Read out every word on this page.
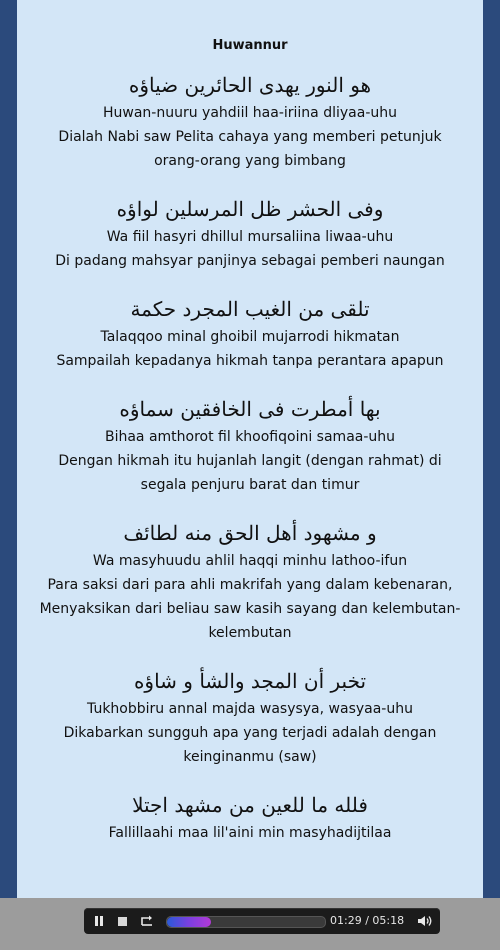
Huwannur
هو النور يهدى الحائرين ضياؤه
Huwan-nuuru yahdiil haa-iriina dliyaa-uhu
Dialah Nabi saw Pelita cahaya yang memberi petunjuk orang-orang yang bimbang
وفى الحشر ظل المرسلين لواؤه
Wa fiil hasyri dhillul mursaliina liwaa-uhu
Di padang mahsyar panjinya sebagai pemberi naungan
تلقى من الغيب المجرد حكمة
Talaqqoo minal ghoibil mujarrodi hikmatan
Sampailah kepadanya hikmah tanpa perantara apapun
بها أمطرت فى الخافقين سماؤه
Bihaa amthorot fil khoofiqoini samaa-uhu
Dengan hikmah itu hujanlah langit (dengan rahmat) di segala penjuru barat dan timur
و مشهود أهل الحق منه لطائف
Wa masyhuudu ahlil haqqi minhu lathoo-ifun
Para saksi dari para ahli makrifah yang dalam kebenaran,
Menyaksikan dari beliau saw kasih sayang dan kelembutan-kelembutan
تخبر أن المجد والشأ و شاؤه
Tukhobbiru annal majda wasysya, wasyaa-uhu
Dikabarkan sungguh apa yang terjadi adalah dengan keinginanmu (saw)
فلله ما للعين من مشهد اجتلا
Fallillaahi maa lil'aini min masyhadijtilaa
01:29 / 05:18
